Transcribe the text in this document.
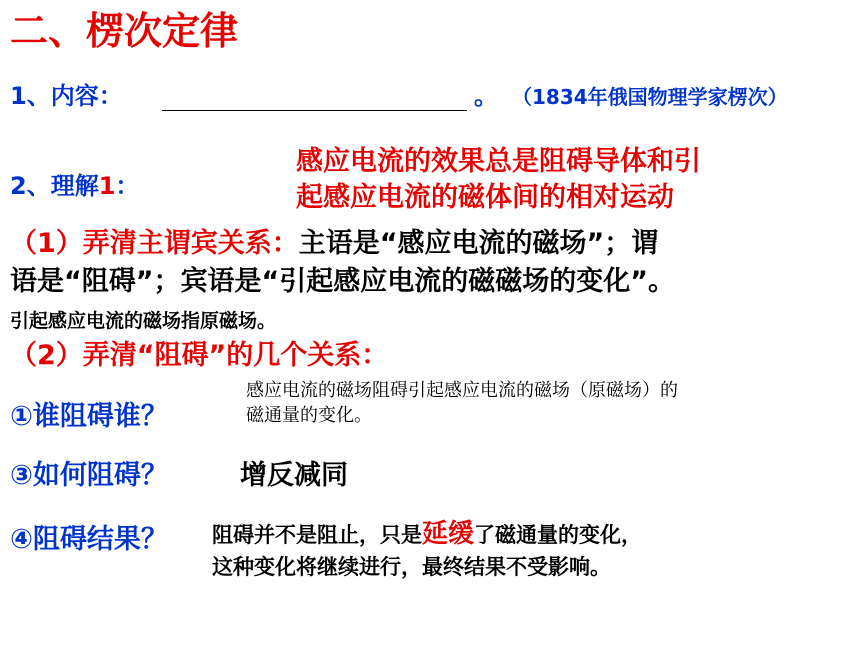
二、楞次定律
1、内容：	。 （1834年俄国物理学家楞次）
2、理解1：
感应电流的效果总是阻碍导体和引
起感应电流的磁体间的相对运动
（1）弄清主谓宾关系：主语是“感应电流的磁场”；谓
语是“阻碍”；宾语是“引起感应电流的磁磁场的变化”。
引起感应电流的磁场指原磁场。
（2）弄清“阻碍”的几个关系：
①谁阻碍谁？
感应电流的磁场阻碍引起感应电流的磁场（原磁场）的
磁通量的变化。
③如何阻碍？	增反减同
④阻碍结果？ 阻碍并不是阻止，只是延缓了磁通量的变化，
这种变化将继续进行，最终结果不受影响。
